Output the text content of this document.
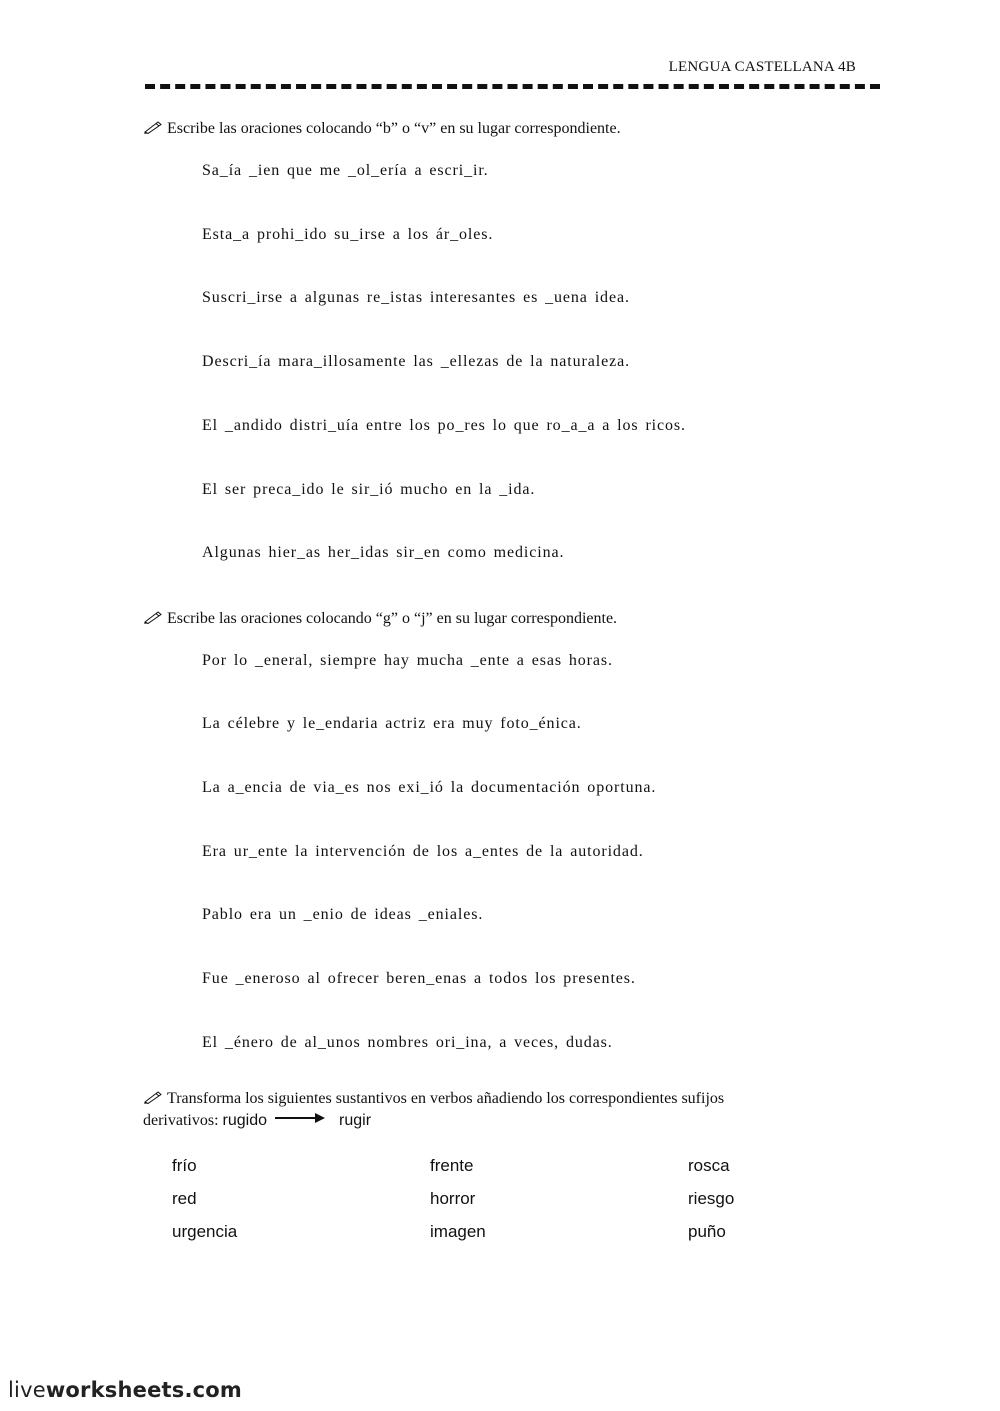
LENGUA CASTELLANA 4B
Escribe las oraciones colocando “b” o “v” en su lugar correspondiente.
Sa_ía _ien que me _ol_ería a escri_ir.
Esta_a prohi_ido su_irse a los ár_oles.
Suscri_irse a algunas re_istas interesantes es _uena idea.
Descri_ía mara_illosamente las _ellezas de la naturaleza.
El _andido distri_uía entre los po_res lo que ro_a_a a los ricos.
El ser preca_ido le sir_ió mucho en la _ida.
Algunas hier_as her_idas sir_en como medicina.
Escribe las oraciones colocando “g” o “j” en su lugar correspondiente.
Por lo _eneral, siempre hay mucha _ente a esas horas.
La célebre y le_endaria actriz era muy foto_énica.
La a_encia de via_es nos exi_ió la documentación oportuna.
Era ur_ente la intervención de los a_entes de la autoridad.
Pablo era un _enio de ideas _eniales.
Fue _eneroso al ofrecer beren_enas a todos los presentes.
El _énero de al_unos nombres ori_ina, a veces, dudas.
Transforma los siguientes sustantivos en verbos añadiendo los correspondientes sufijos
derivativos: rugido	rugir
frío	frente	rosca
red	horror	riesgo
urgencia	imagen	puño
liveworksheets.com
